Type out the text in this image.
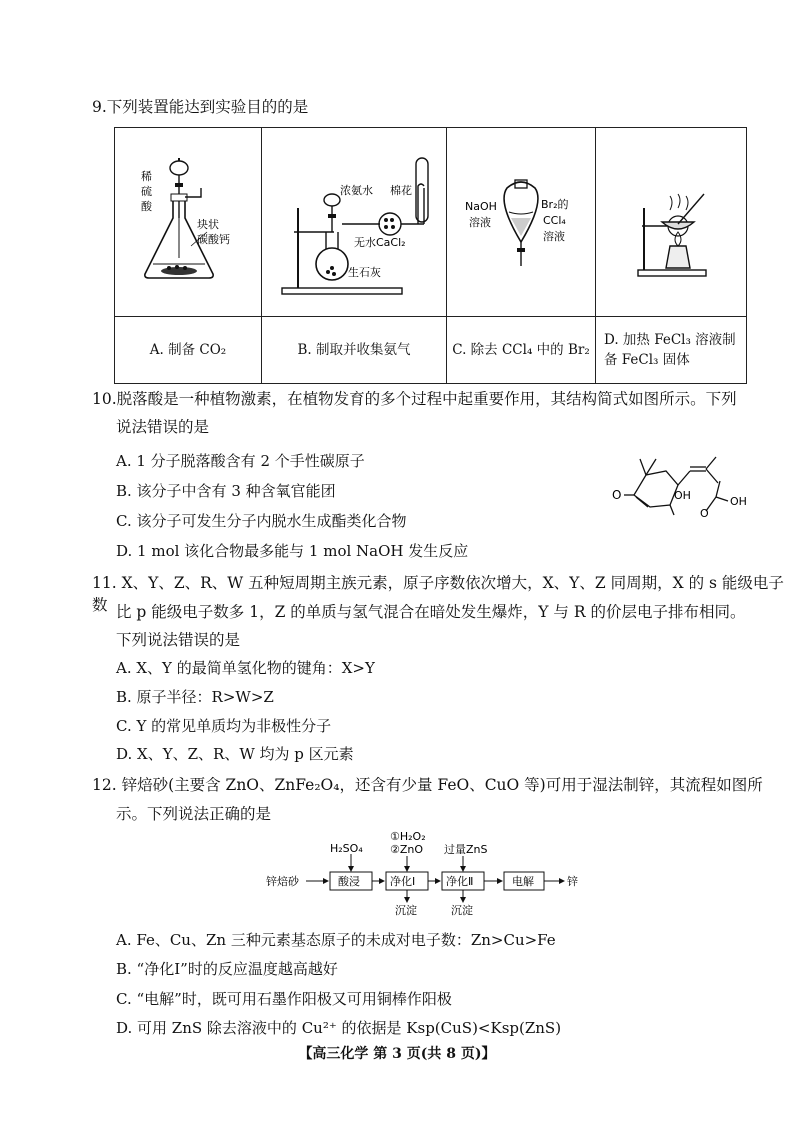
9.下列装置能达到实验目的的是
稀
硫
酸
块状
碳酸钙	浓氨水 棉花
无水CaCl₂
生石灰	NaOH
溶液
Br₂的
CCl₄
溶液

A. 制备 CO₂	B. 制取并收集氨气	C. 除去 CCl₄ 中的 Br₂	D. 加热 FeCl₃ 溶液制
备 FeCl₃ 固体
10.脱落酸是一种植物激素，在植物发育的多个过程中起重要作用，其结构简式如图所示。下列
说法错误的是
A. 1 分子脱落酸含有 2 个手性碳原子
B. 该分子中含有 3 种含氧官能团
C. 该分子可发生分子内脱水生成酯类化合物
D. 1 mol 该化合物最多能与 1 mol NaOH 发生反应
O
O
OH
OH
11. X、Y、Z、R、W 五种短周期主族元素，原子序数依次增大，X、Y、Z 同周期，X 的 s 能级电子数 比 p 能级电子数多 1，Z 的单质与氢气混合在暗处发生爆炸，Y 与 R 的价层电子排布相同。
下列说法错误的是
A. X、Y 的最简单氢化物的键角：X>Y
B. 原子半径：R>W>Z
C. Y 的常见单质均为非极性分子
D. X、Y、Z、R、W 均为 p 区元素
12. 锌焙砂(主要含 ZnO、ZnFe₂O₄，还含有少量 FeO、CuO 等)可用于湿法制锌，其流程如图所
示。下列说法正确的是
锌焙砂	酸浸
H₂SO₄
净化Ⅰ
①H₂O₂
②ZnO
沉淀
净化Ⅱ
过量ZnS
沉淀
电解	锌
A. Fe、Cu、Zn 三种元素基态原子的未成对电子数：Zn>Cu>Fe
B. “净化Ⅰ”时的反应温度越高越好
C. “电解”时，既可用石墨作阳极又可用铜棒作阳极
D. 可用 ZnS 除去溶液中的 Cu²⁺ 的依据是 Ksp(CuS)<Ksp(ZnS)
【高三化学 第 3 页(共 8 页)】
